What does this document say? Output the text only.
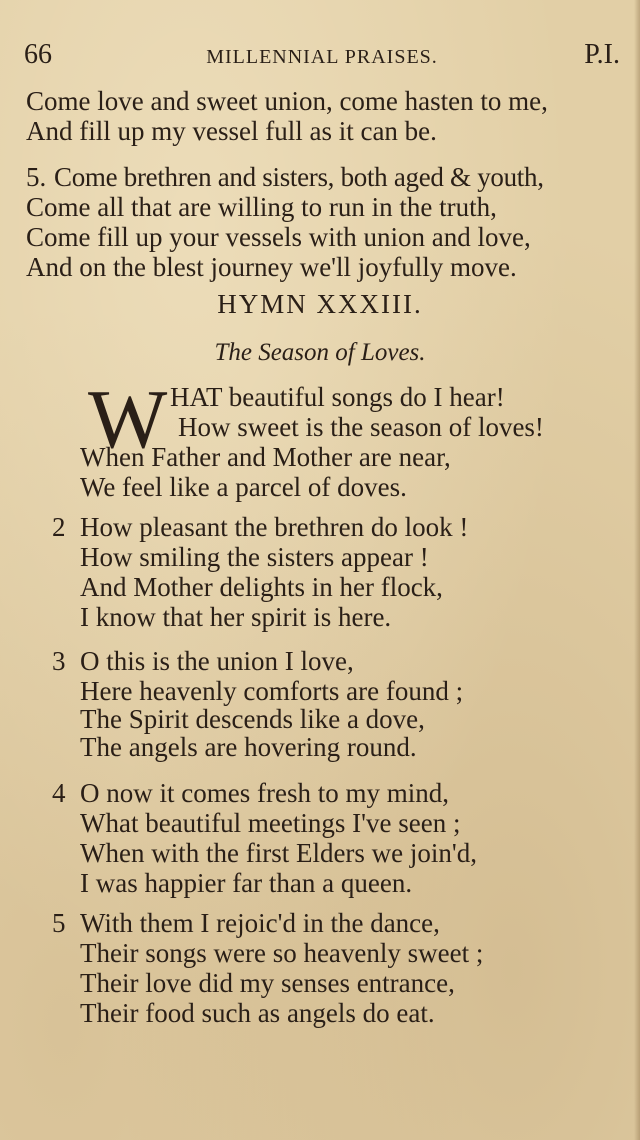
66	MILLENNIAL PRAISES.	P.I.
Come love and sweet union, come hasten to me,
And fill up my vessel full as it can be.
5. Come brethren and sisters, both aged & youth,
Come all that are willing to run in the truth,
Come fill up your vessels with union and love,
And on the blest journey we'll joyfully move.
HYMN XXXIII.
The Season of Loves.
W HAT beautiful songs do I hear!
How sweet is the season of loves!
When Father and Mother are near,
We feel like a parcel of doves.
2 How pleasant the brethren do look !
How smiling the sisters appear !
And Mother delights in her flock,
I know that her spirit is here.
3 O this is the union I love,
Here heavenly comforts are found ;
The Spirit descends like a dove,
The angels are hovering round.
4 O now it comes fresh to my mind,
What beautiful meetings I've seen ;
When with the first Elders we join'd,
I was happier far than a queen.
5 With them I rejoic'd in the dance,
Their songs were so heavenly sweet ;
Their love did my senses entrance,
Their food such as angels do eat.
